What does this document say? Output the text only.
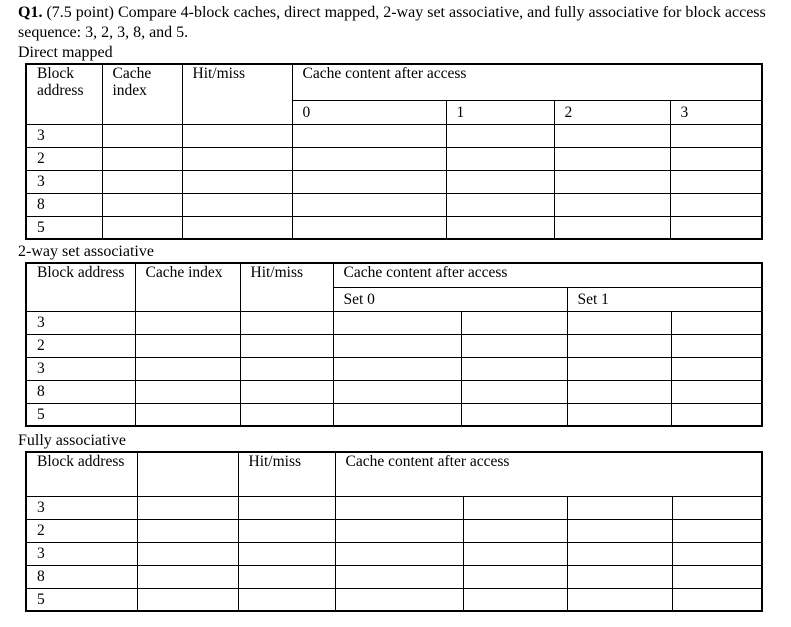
Q1. (7.5 point) Compare 4-block caches, direct mapped, 2-way set associative, and fully associative for block access sequence: 3, 2, 3, 8, and 5.
Direct mapped
Block address	Cache index	Hit/miss	Cache content after access			
			0	1	2	3
3						
2						
3						
8						
5						
2-way set associative
Block address	Cache index	Hit/miss	Cache content after access			
			Set 0		Set 1	
3						
2						
3						
8						
5						
Fully associative
Block address		Hit/miss	Cache content after access			
3						
2						
3						
8						
5						
